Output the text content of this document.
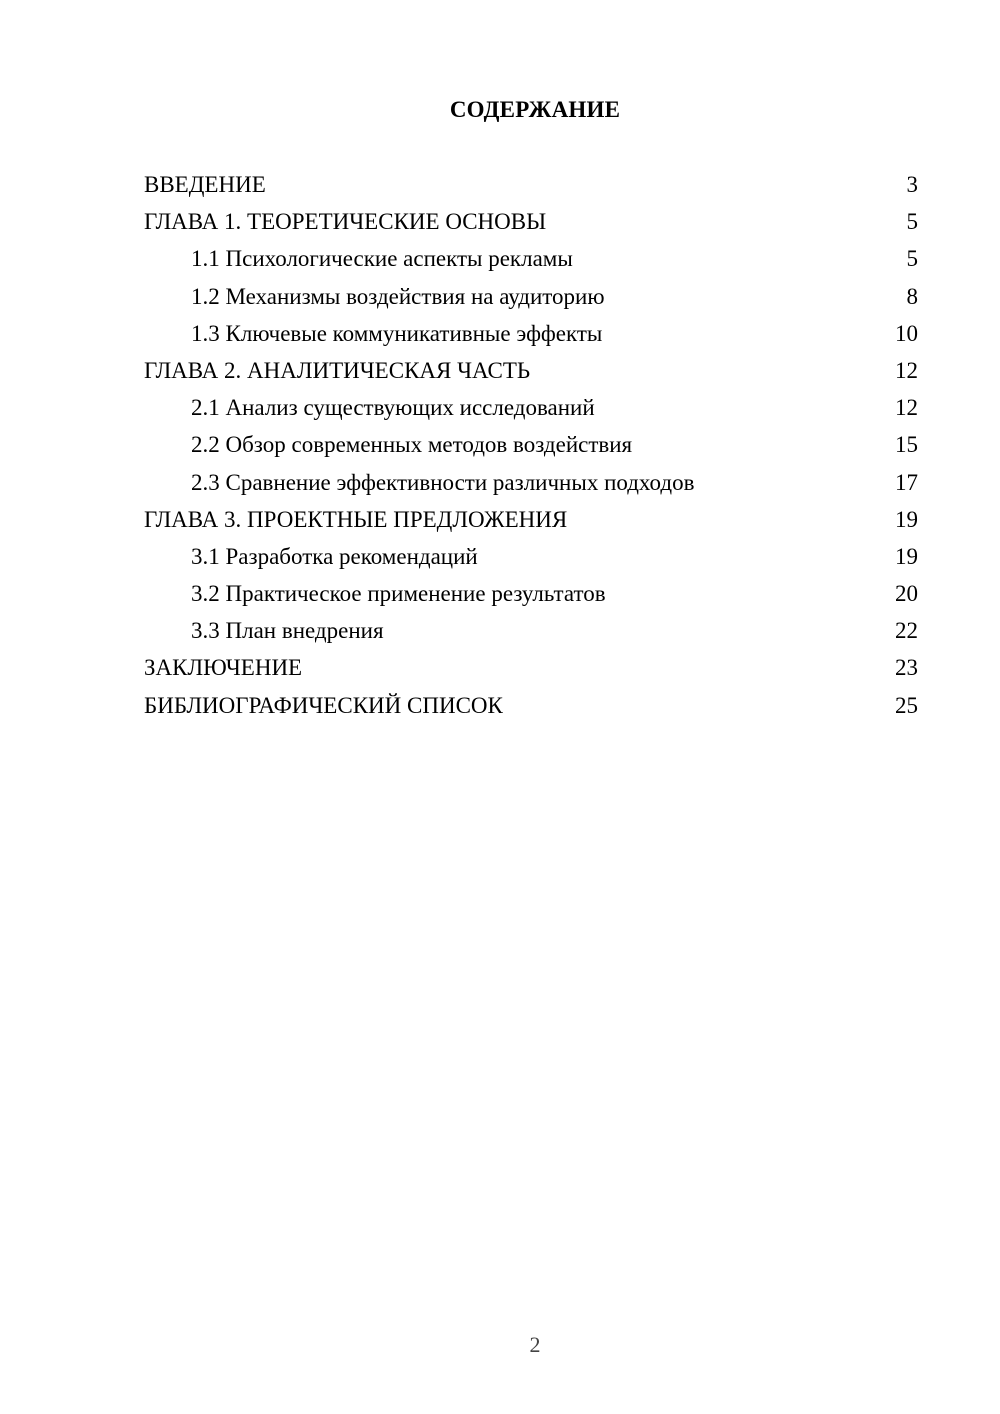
СОДЕРЖАНИЕ
ВВЕДЕНИЕ	3
ГЛАВА 1. ТЕОРЕТИЧЕСКИЕ ОСНОВЫ	5
1.1 Психологические аспекты рекламы	5
1.2 Механизмы воздействия на аудиторию	8
1.3 Ключевые коммуникативные эффекты	10
ГЛАВА 2. АНАЛИТИЧЕСКАЯ ЧАСТЬ	12
2.1 Анализ существующих исследований	12
2.2 Обзор современных методов воздействия	15
2.3 Сравнение эффективности различных подходов	17
ГЛАВА 3. ПРОЕКТНЫЕ ПРЕДЛОЖЕНИЯ	19
3.1 Разработка рекомендаций	19
3.2 Практическое применение результатов	20
3.3 План внедрения	22
ЗАКЛЮЧЕНИЕ	23
БИБЛИОГРАФИЧЕСКИЙ СПИСОК	25
2
